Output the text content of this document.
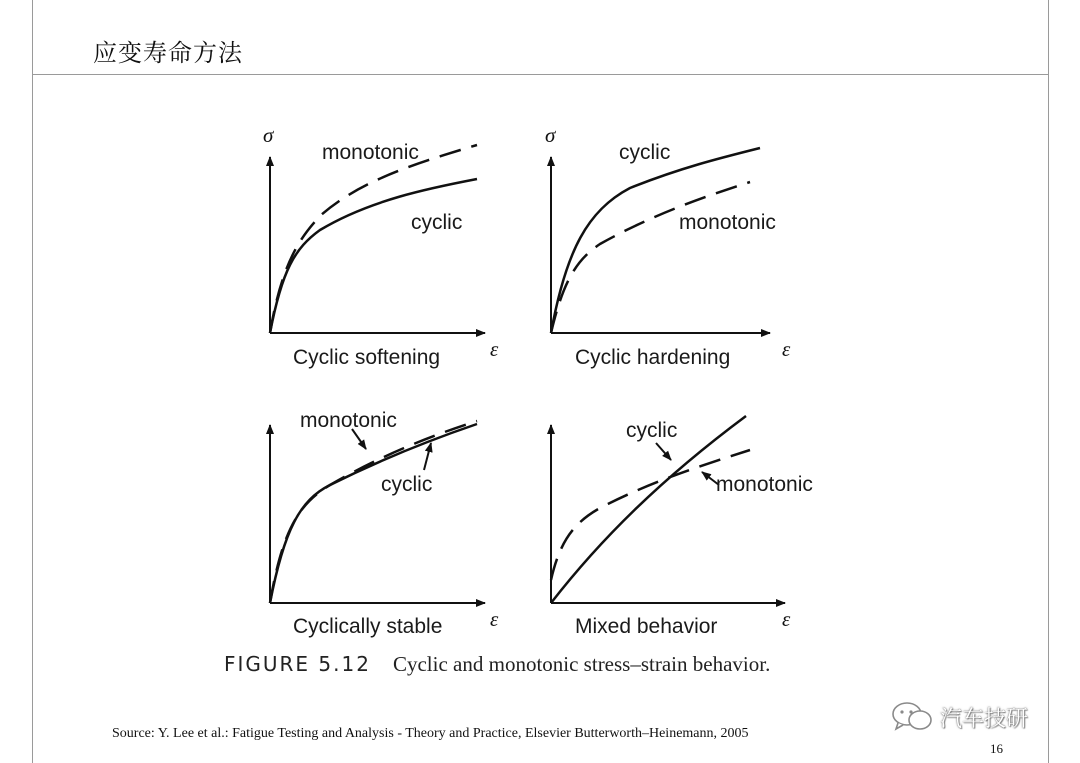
应变寿命方法
σ
ε
monotonic
cyclic
Cyclic softening
σ
ε
cyclic
monotonic
Cyclic hardening
ε
monotonic
cyclic
Cyclically stable	ε
cyclic
monotonic
Mixed behavior
FIGURE 5.12 Cyclic and monotonic stress–strain behavior.
汽车技研
Source: Y. Lee et al.: Fatigue Testing and Analysis - Theory and Practice, Elsevier Butterworth–Heinemann, 2005
16
